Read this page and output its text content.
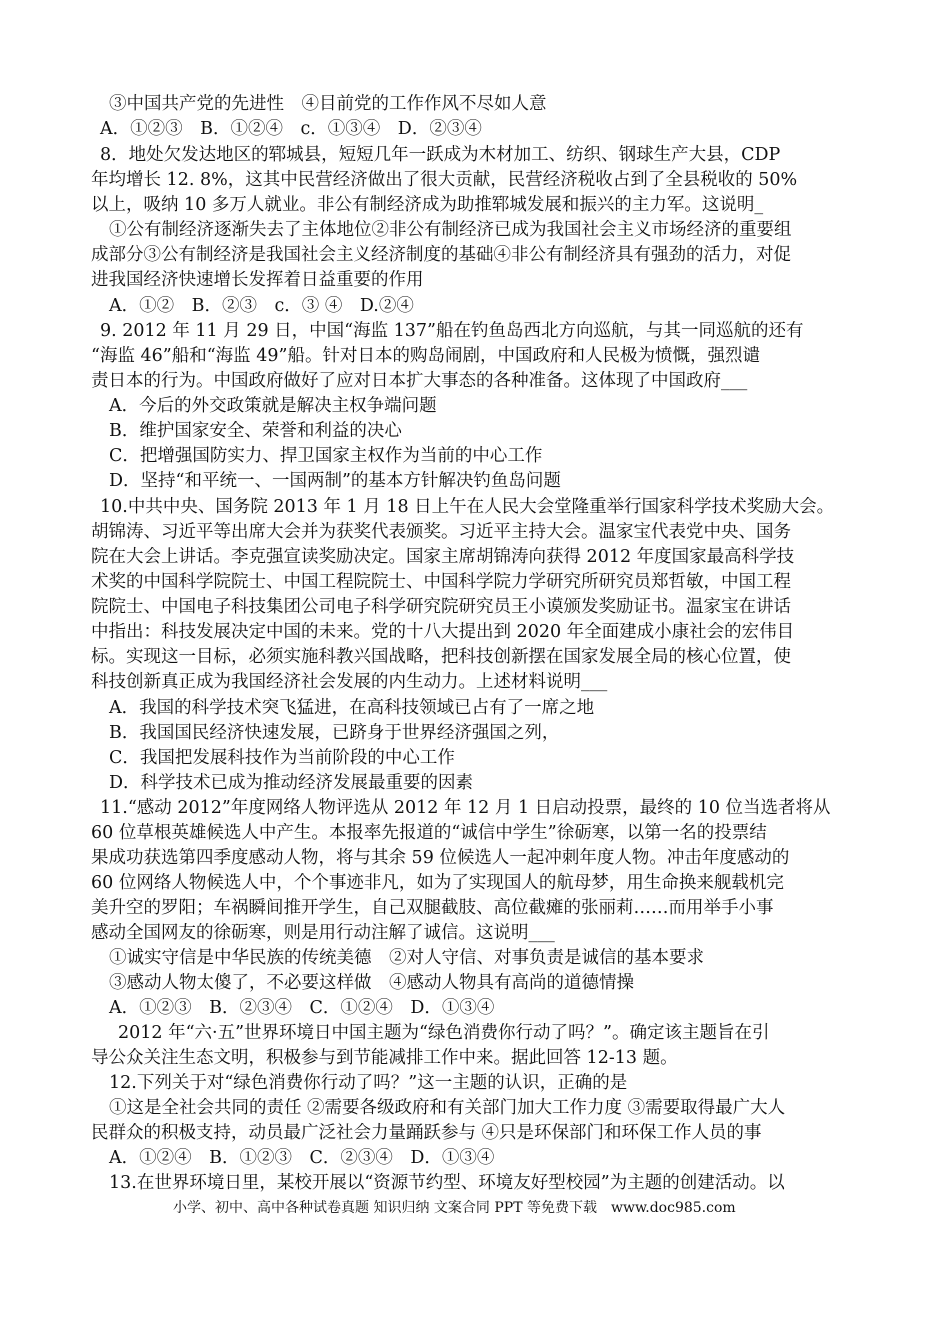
③中国共产党的先进性　④目前党的工作作风不尽如人意
A．①②③　B．①②④　c．①③④　D．②③④
8．地处欠发达地区的郓城县，短短几年一跃成为木材加工、纺织、钢球生产大县，CDP
年均增长 12. 8%，这其中民营经济做出了很大贡献，民营经济税收占到了全县税收的 50%
以上，吸纳 10 多万人就业。非公有制经济成为助推郓城发展和振兴的主力军。这说明_
①公有制经济逐渐失去了主体地位②非公有制经济已成为我国社会主义市场经济的重要组
成部分③公有制经济是我国社会主义经济制度的基础④非公有制经济具有强劲的活力，对促
进我国经济快速增长发挥着日益重要的作用
A．①②　B．②③　c．③ ④　D.②④
9. 2012 年 11 月 29 日，中国“海监 137”船在钓鱼岛西北方向巡航，与其一同巡航的还有
“海监 46”船和“海监 49”船。针对日本的购岛闹剧，中国政府和人民极为愤慨，强烈谴
责日本的行为。中国政府做好了应对日本扩大事态的各种准备。这体现了中国政府___
A．今后的外交政策就是解决主权争端问题
B．维护国家安全、荣誉和利益的决心
C．把增强国防实力、捍卫国家主权作为当前的中心工作
D．坚持“和平统一、一国两制”的基本方针解决钓鱼岛问题
10.中共中央、国务院 2013 年 1 月 18 日上午在人民大会堂隆重举行国家科学技术奖励大会。
胡锦涛、习近平等出席大会并为获奖代表颁奖。习近平主持大会。温家宝代表党中央、国务
院在大会上讲话。李克强宣读奖励决定。国家主席胡锦涛向获得 2012 年度国家最高科学技
术奖的中国科学院院士、中国工程院院士、中国科学院力学研究所研究员郑哲敏，中国工程
院院士、中国电子科技集团公司电子科学研究院研究员王小谟颁发奖励证书。温家宝在讲话
中指出：科技发展决定中国的未来。党的十八大提出到 2020 年全面建成小康社会的宏伟目
标。实现这一目标，必须实施科教兴国战略，把科技创新摆在国家发展全局的核心位置，使
科技创新真正成为我国经济社会发展的内生动力。上述材料说明___
A．我国的科学技术突飞猛进，在高科技领域已占有了一席之地
B．我国国民经济快速发展，已跻身于世界经济强国之列，
C．我国把发展科技作为当前阶段的中心工作
D．科学技术已成为推动经济发展最重要的因素
11.“感动 2012”年度网络人物评选从 2012 年 12 月 1 日启动投票，最终的 10 位当选者将从
60 位草根英雄候选人中产生。本报率先报道的“诚信中学生”徐砺寒，以第一名的投票结
果成功获选第四季度感动人物，将与其余 59 位候选人一起冲刺年度人物。冲击年度感动的
60 位网络人物候选人中，个个事迹非凡，如为了实现国人的航母梦，用生命换来舰载机完
美升空的罗阳；车祸瞬间推开学生，自己双腿截肢、高位截瘫的张丽莉……而用举手小事
感动全国网友的徐砺寒，则是用行动注解了诚信。这说明___
①诚实守信是中华民族的传统美德　②对人守信、对事负责是诚信的基本要求
③感动人物太傻了，不必要这样做　④感动人物具有高尚的道德情操
A．①②③　B．②③④　C．①②④　D．①③④
2012 年“六·五”世界环境日中国主题为“绿色消费你行动了吗？”。确定该主题旨在引
导公众关注生态文明，积极参与到节能减排工作中来。据此回答 12-13 题。
12.下列关于对“绿色消费你行动了吗？”这一主题的认识，正确的是
①这是全社会共同的责任 ②需要各级政府和有关部门加大工作力度 ③需要取得最广大人
民群众的积极支持，动员最广泛社会力量踊跃参与 ④只是环保部门和环保工作人员的事
A．①②④　B．①②③　C．②③④　D．①③④
13.在世界环境日里，某校开展以“资源节约型、环境友好型校园”为主题的创建活动。以
小学、初中、高中各种试卷真题 知识归纳 文案合同 PPT 等免费下载　www.doc985.com
